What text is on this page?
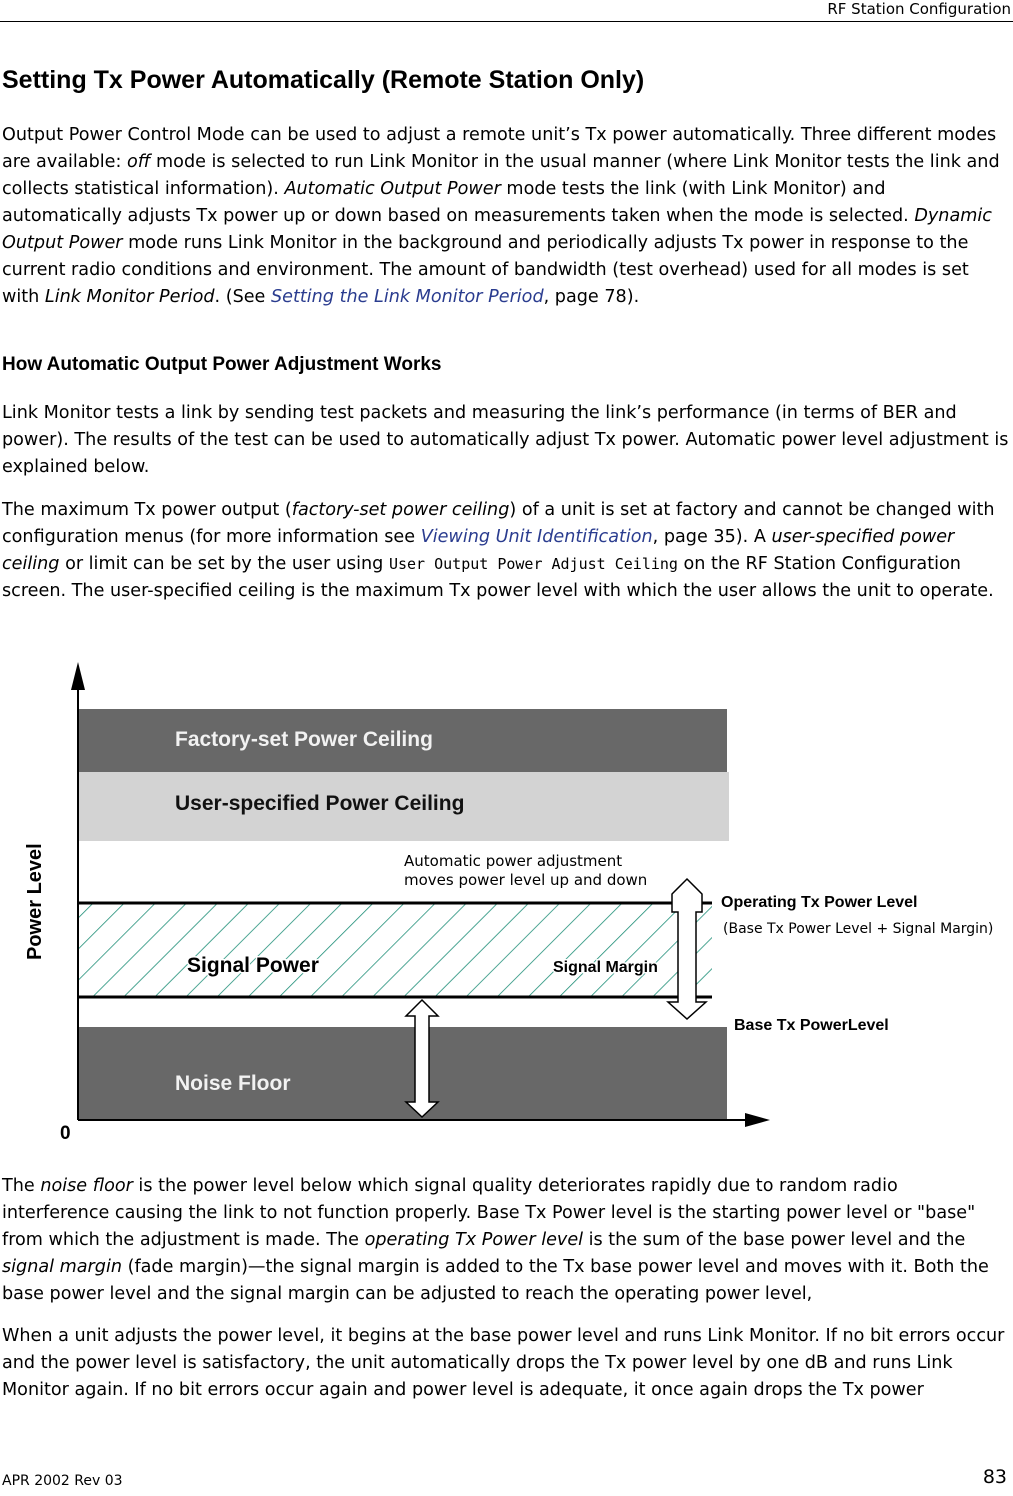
RF Station Configuration
Setting Tx Power Automatically (Remote Station Only)

Output Power Control Mode can be used to adjust a remote unit’s Tx power automatically. Three different modes are available: off mode is selected to run Link Monitor in the usual manner (where Link Monitor tests the link and collects statistical information). Automatic Output Power mode tests the link (with Link Monitor) and automatically adjusts Tx power up or down based on measurements taken when the mode is selected. Dynamic Output Power mode runs Link Monitor in the background and periodically adjusts Tx power in response to the current radio conditions and environment. The amount of bandwidth (test overhead) used for all modes is set with Link Monitor Period. (See Setting the Link Monitor Period, page 78).

How Automatic Output Power Adjustment Works

Link Monitor tests a link by sending test packets and measuring the link’s performance (in terms of BER and power). The results of the test can be used to automatically adjust Tx power. Automatic power level adjustment is explained below.

The maximum Tx power output (factory-set power ceiling) of a unit is set at factory and cannot be changed with configuration menus (for more information see Viewing Unit Identification, page 35). A user-specified power ceiling or limit can be set by the user using User Output Power Adjust Ceiling on the RF Station Configuration screen. The user-specified ceiling is the maximum Tx power level with which the user allows the unit to operate.

Factory-set Power Ceiling
User-specified Power Ceiling
Automatic power adjustment
moves power level up and down
Operating Tx Power Level
(Base Tx Power Level + Signal Margin)
Signal Power	Signal Margin
Base Tx PowerLevel
Noise Floor
Power Level
0

The noise floor is the power level below which signal quality deteriorates rapidly due to random radio interference causing the link to not function properly. Base Tx Power level is the starting power level or "base" from which the adjustment is made. The operating Tx Power level is the sum of the base power level and the signal margin (fade margin)—the signal margin is added to the Tx base power level and moves with it. Both the base power level and the signal margin can be adjusted to reach the operating power level,

When a unit adjusts the power level, it begins at the base power level and runs Link Monitor. If no bit errors occur and the power level is satisfactory, the unit automatically drops the Tx power level by one dB and runs Link Monitor again. If no bit errors occur again and power level is adequate, it once again drops the Tx power

APR 2002 Rev 03	83
